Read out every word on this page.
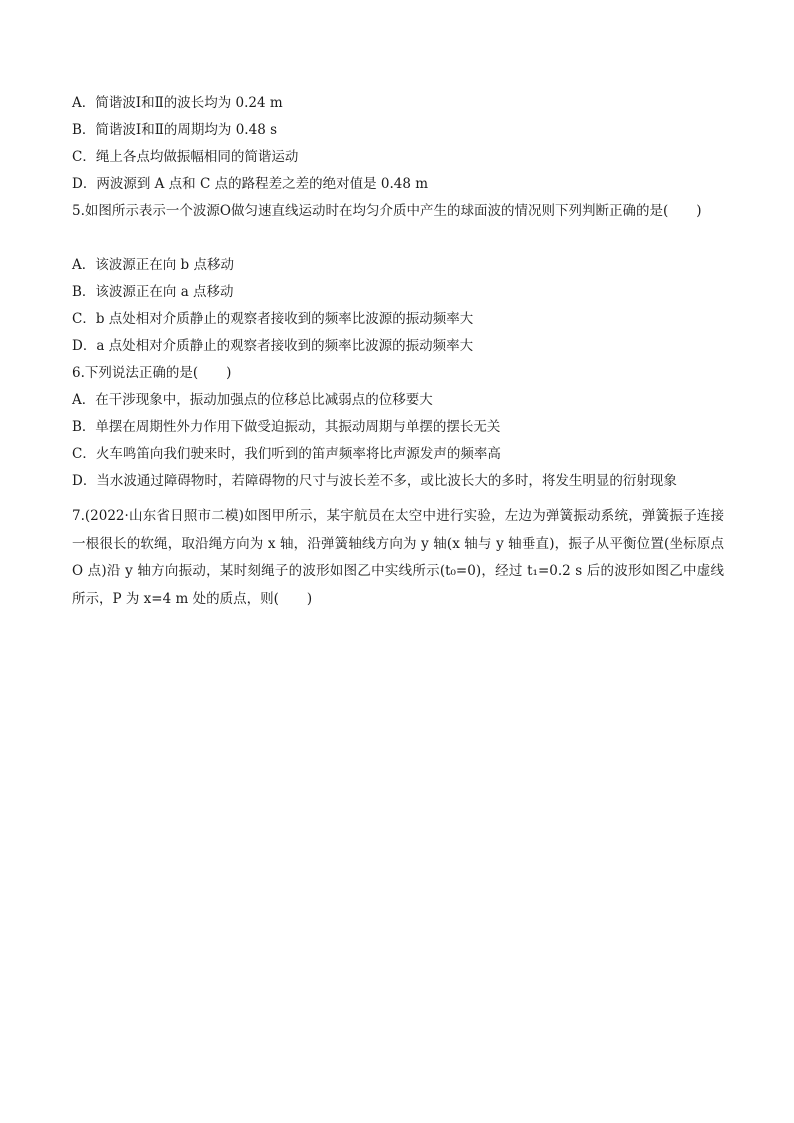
A．简谐波Ⅰ和Ⅱ的波长均为 0.24 m
B．简谐波Ⅰ和Ⅱ的周期均为 0.48 s
C．绳上各点均做振幅相同的简谐运动
D．两波源到 A 点和 C 点的路程差之差的绝对值是 0.48 m
5.如图所示表示一个波源O做匀速直线运动时在均匀介质中产生的球面波的情况则下列判断正确的是( )
A．该波源正在向 b 点移动
B．该波源正在向 a 点移动
C．b 点处相对介质静止的观察者接收到的频率比波源的振动频率大
D．a 点处相对介质静止的观察者接收到的频率比波源的振动频率大
6.下列说法正确的是( )
A．在干涉现象中，振动加强点的位移总比减弱点的位移要大
B．单摆在周期性外力作用下做受迫振动，其振动周期与单摆的摆长无关
C．火车鸣笛向我们驶来时，我们听到的笛声频率将比声源发声的频率高
D．当水波通过障碍物时，若障碍物的尺寸与波长差不多，或比波长大的多时，将发生明显的衍射现象
7.(2022·山东省日照市二模)如图甲所示，某宇航员在太空中进行实验，左边为弹簧振动系统，弹簧振子连接一根很长的软绳，取沿绳方向为 x 轴，沿弹簧轴线方向为 y 轴(x 轴与 y 轴垂直)，振子从平衡位置(坐标原点 O 点)沿 y 轴方向振动，某时刻绳子的波形如图乙中实线所示(t₀=0)，经过 t₁=0.2 s 后的波形如图乙中虚线所示，P 为 x=4 m 处的质点，则( )
